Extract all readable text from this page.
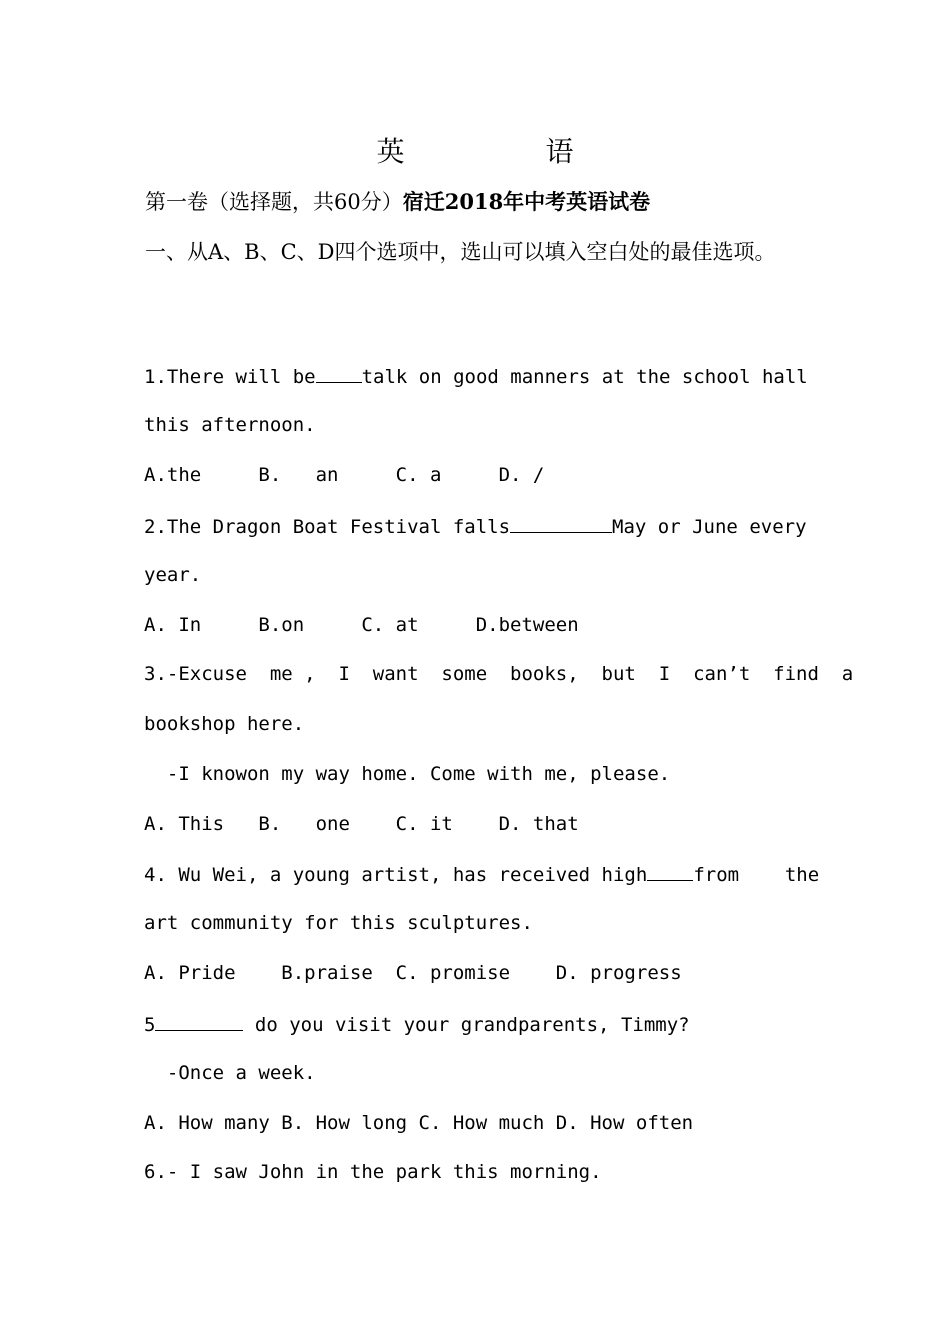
英 语
第一卷（选择题，共60分）宿迁2018年中考英语试卷
一、从A、B、C、D四个选项中，选山可以填入空白处的最佳选项。
1.There will be talk on good manners at the school hall
this afternoon.
A.the     B.   an     C. a     D. /
2.The Dragon Boat Festival falls	May or June every
year.
A. In     B.on     C. at     D.between
3.-Excuse  me ,  I  want  some  books,  but  I  can’t  find  a
bookshop here.
-I knowon my way home. Come with me, please.
A. This   B.   one    C. it    D. that
4. Wu Wei, a young artist, has received high from    the
art community for this sculptures.
A. Pride    B.praise  C. promise    D. progress
5	do you visit your grandparents, Timmy?
-Once a week.
A. How many B. How long C. How much D. How often
6.- I saw John in the park this morning.
